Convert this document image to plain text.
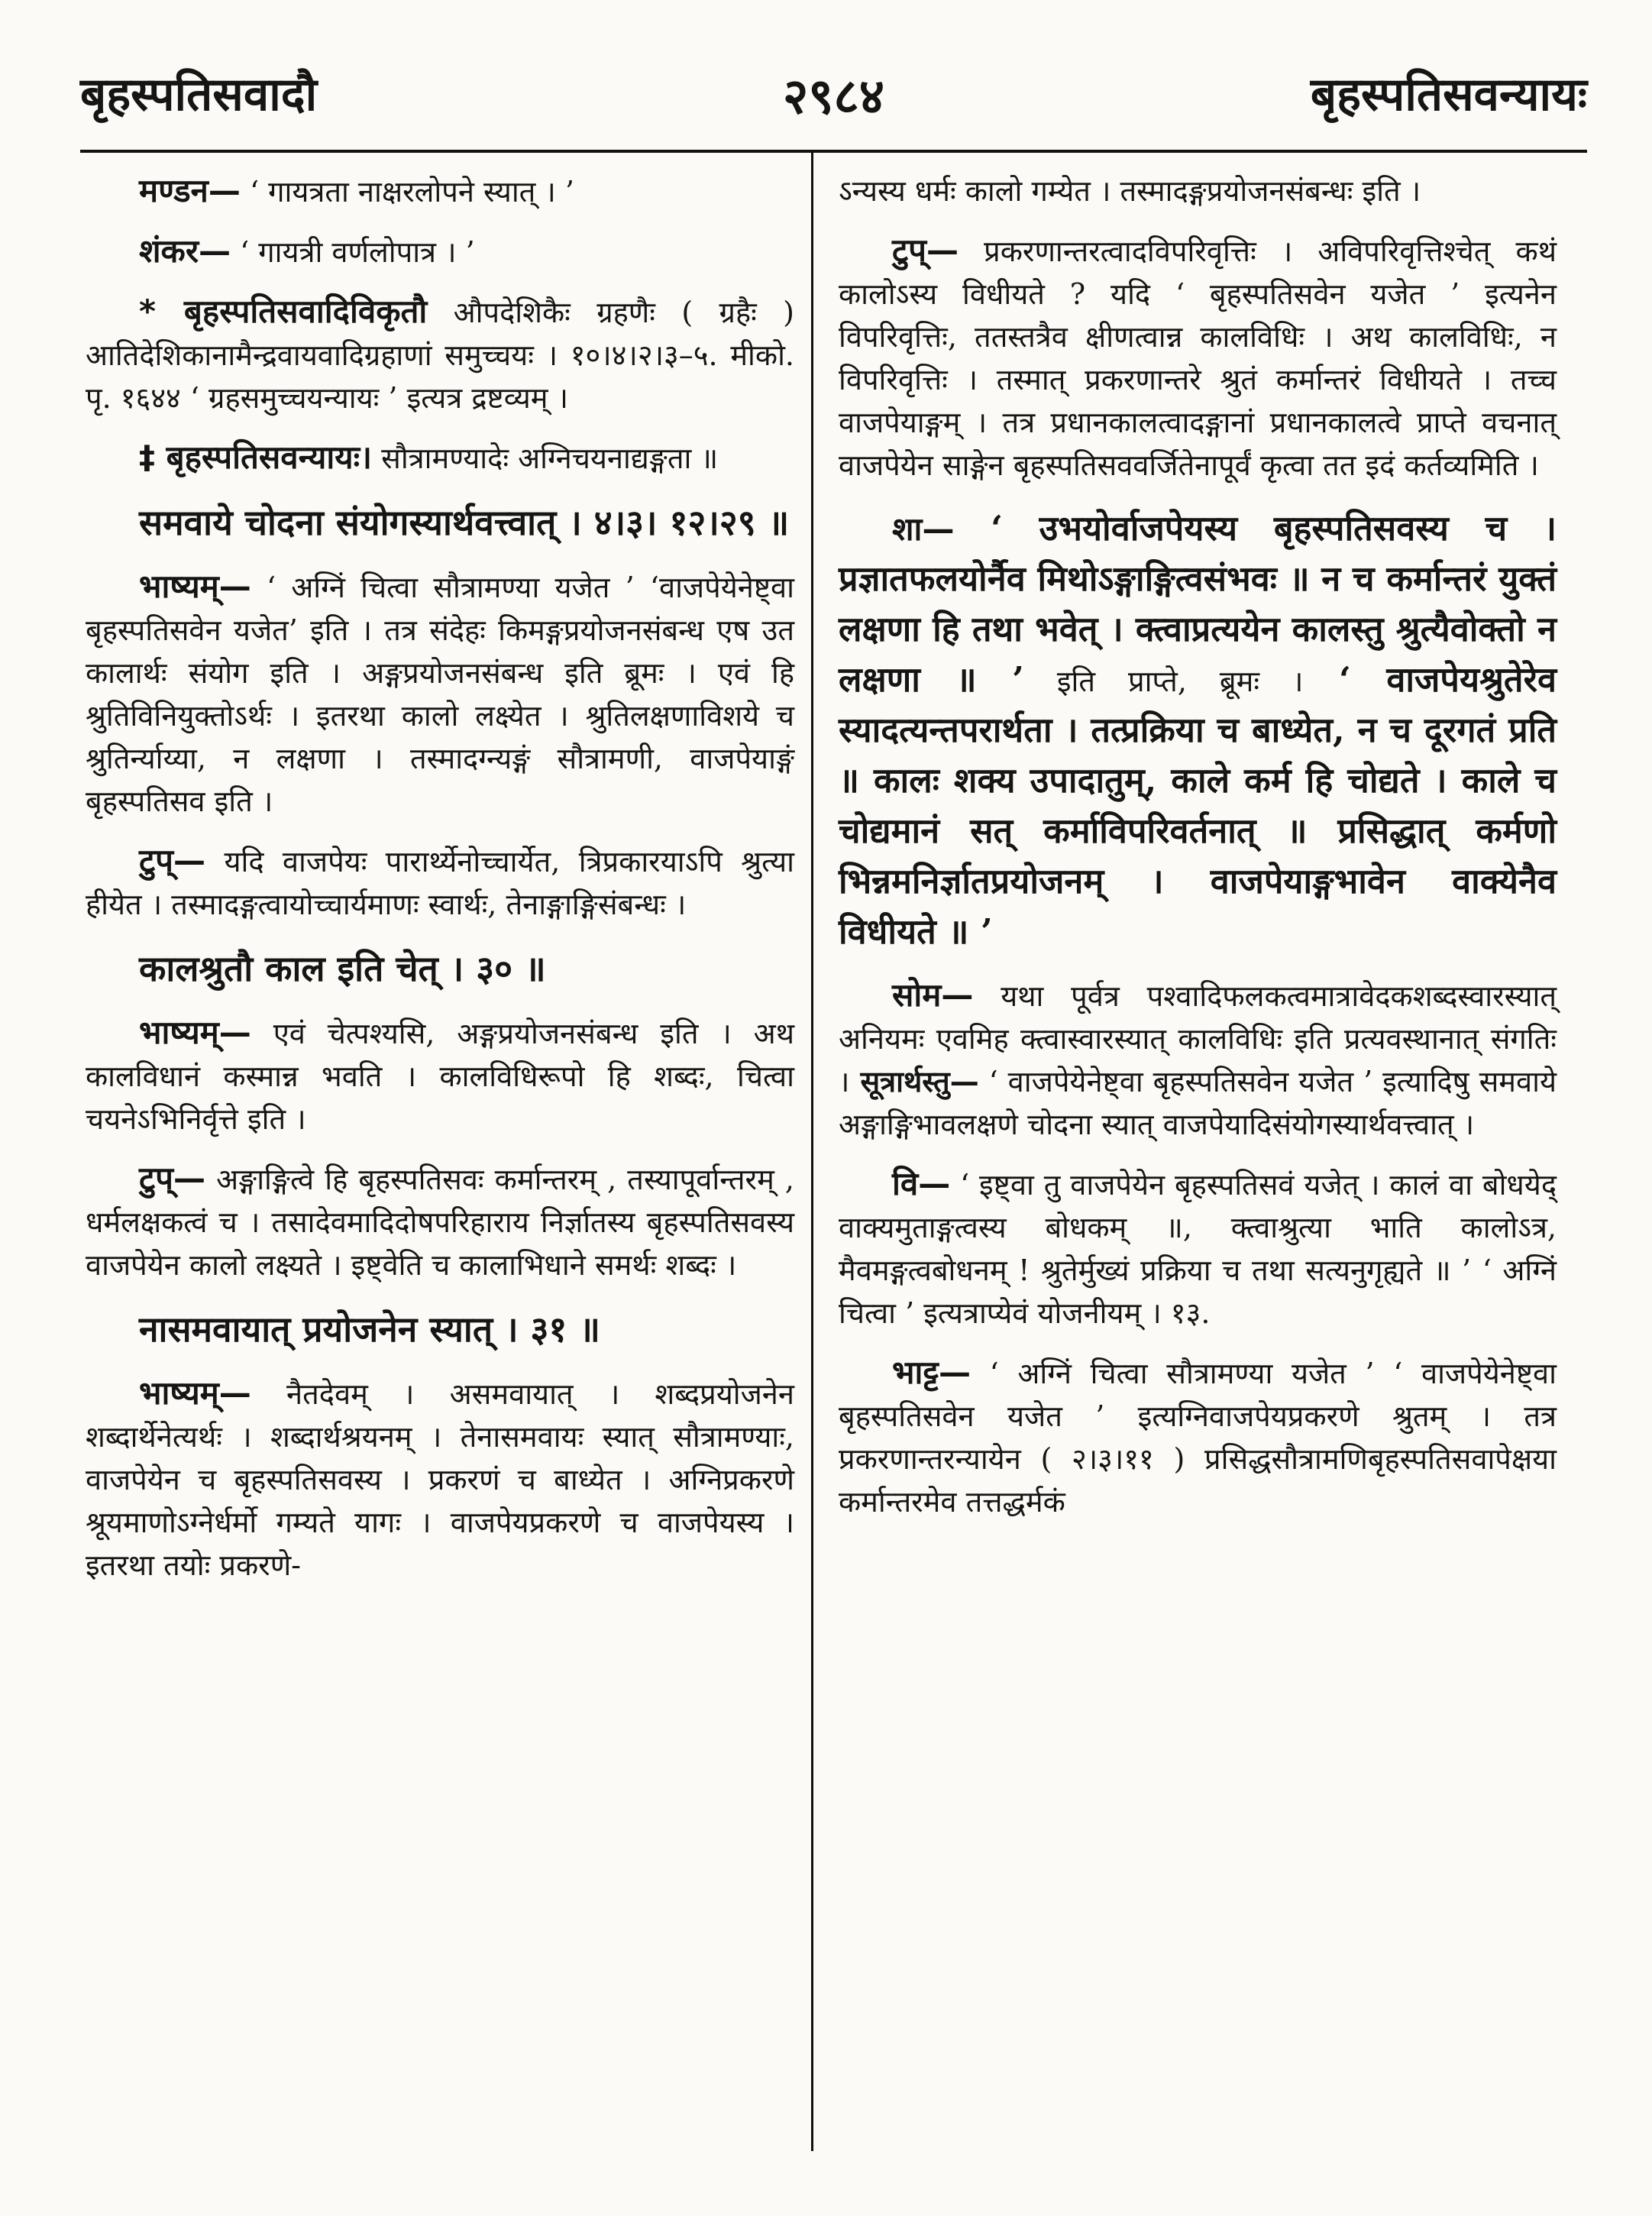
बृहस्पतिसवादौ	२९८४	बृहस्पतिसवन्यायः

मण्डन— ‘ गायत्रता नाक्षरलोपने स्यात् । ’

शंकर— ‘ गायत्री वर्णलोपात्र । ’

* बृहस्पतिसवादिविकृतौ औपदेशिकैः ग्रहणैः ( ग्रहैः ) आतिदेशिकानामैन्द्रवायवादिग्रहाणां समुच्चयः । १०।४।२।३–५. मीको. पृ. १६४४ ‘ ग्रहसमुच्चयन्यायः ’ इत्यत्र द्रष्टव्यम् ।

‡ बृहस्पतिसवन्यायः। सौत्रामण्यादेः अग्निचयनाद्यङ्गता ॥

समवाये चोदना संयोगस्यार्थवत्त्वात् । ४।३। १२।२९ ॥

भाष्यम्— ‘ अग्निं चित्वा सौत्रामण्या यजेत ’ ‘वाजपेयेनेष्ट्वा बृहस्पतिसवेन यजेत’ इति । तत्र संदेहः किमङ्गप्रयोजनसंबन्ध एष उत कालार्थः संयोग इति । अङ्गप्रयोजनसंबन्ध इति ब्रूमः । एवं हि श्रुतिविनियुक्तोऽर्थः । इतरथा कालो लक्ष्येत । श्रुतिलक्षणाविशये च श्रुतिर्न्याय्या, न लक्षणा । तस्मादग्न्यङ्गं सौत्रामणी, वाजपेयाङ्गं बृहस्पतिसव इति ।

टुप्— यदि वाजपेयः पारार्थ्येनोच्चार्येत, त्रिप्रकारयाऽपि श्रुत्या हीयेत । तस्मादङ्गत्वायोच्चार्यमाणः स्वार्थः, तेनाङ्गाङ्गिसंबन्धः ।

कालश्रुतौ काल इति चेत् । ३० ॥

भाष्यम्— एवं चेत्पश्यसि, अङ्गप्रयोजनसंबन्ध इति । अथ कालविधानं कस्मान्न भवति । कालविधिरूपो हि शब्दः, चित्वा चयनेऽभिनिर्वृत्ते इति ।

टुप्— अङ्गाङ्गित्वे हि बृहस्पतिसवः कर्मान्तरम् , तस्यापूर्वान्तरम् , धर्मलक्षकत्वं च । तसादेवमादिदोषपरिहाराय निर्ज्ञातस्य बृहस्पतिसवस्य वाजपेयेन कालो लक्ष्यते । इष्ट्वेति च कालाभिधाने समर्थः शब्दः ।

नासमवायात् प्रयोजनेन स्यात् । ३१ ॥

भाष्यम्— नैतदेवम् । असमवायात् । शब्दप्रयोजनेन शब्दार्थेनेत्यर्थः । शब्दार्थश्रयनम् । तेनासमवायः स्यात् सौत्रामण्याः, वाजपेयेन च बृहस्पतिसवस्य । प्रकरणं च बाध्येत । अग्निप्रकरणे श्रूयमाणोऽग्नेर्धर्मो गम्यते यागः । वाजपेयप्रकरणे च वाजपेयस्य । इतरथा तयोः प्रकरणे-

ऽन्यस्य धर्मः कालो गम्येत । तस्मादङ्गप्रयोजनसंबन्धः इति ।

टुप्— प्रकरणान्तरत्वादविपरिवृत्तिः । अविपरिवृत्तिश्चेत् कथं कालोऽस्य विधीयते ? यदि ‘ बृहस्पतिसवेन यजेत ’ इत्यनेन विपरिवृत्तिः, ततस्तत्रैव क्षीणत्वान्न कालविधिः । अथ कालविधिः, न विपरिवृत्तिः । तस्मात् प्रकरणान्तरे श्रुतं कर्मान्तरं विधीयते । तच्च वाजपेयाङ्गम् । तत्र प्रधानकालत्वादङ्गानां प्रधानकालत्वे प्राप्ते वचनात् वाजपेयेन साङ्गेन बृहस्पतिसववर्जितेनापूर्वं कृत्वा तत इदं कर्तव्यमिति ।

शा— ‘ उभयोर्वाजपेयस्य बृहस्पतिसवस्य च । प्रज्ञातफलयोर्नैव मिथोऽङ्गाङ्गित्वसंभवः ॥ न च कर्मान्तरं युक्तं लक्षणा हि तथा भवेत् । क्त्वाप्रत्ययेन कालस्तु श्रुत्यैवोक्तो न लक्षणा ॥ ’ इति प्राप्ते, ब्रूमः । ‘ वाजपेयश्रुतेरेव स्यादत्यन्तपरार्थता । तत्प्रक्रिया च बाध्येत, न च दूरगतं प्रति ॥ कालः शक्य उपादातुम्, काले कर्म हि चोद्यते । काले च चोद्यमानं सत् कर्माविपरिवर्तनात् ॥ प्रसिद्धात् कर्मणो भिन्नमनिर्ज्ञातप्रयोजनम् । वाजपेयाङ्गभावेन वाक्येनैव विधीयते ॥ ’

सोम— यथा पूर्वत्र पश्वादिफलकत्वमात्रावेदकशब्दस्वारस्यात् अनियमः एवमिह क्त्वास्वारस्यात् कालविधिः इति प्रत्यवस्थानात् संगतिः । सूत्रार्थस्तु— ‘ वाजपेयेनेष्ट्वा बृहस्पतिसवेन यजेत ’ इत्यादिषु समवाये अङ्गाङ्गिभावलक्षणे चोदना स्यात् वाजपेयादिसंयोगस्यार्थवत्त्वात् ।

वि— ‘ इष्ट्वा तु वाजपेयेन बृहस्पतिसवं यजेत् । कालं वा बोधयेद् वाक्यमुताङ्गत्वस्य बोधकम् ॥, क्त्वाश्रुत्या भाति कालोऽत्र, मैवमङ्गत्वबोधनम् ! श्रुतेर्मुख्यं प्रक्रिया च तथा सत्यनुगृह्यते ॥ ’ ‘ अग्निं चित्वा ’ इत्यत्राप्येवं योजनीयम् । १३.

भाट्ट— ‘ अग्निं चित्वा सौत्रामण्या यजेत ’ ‘ वाजपेयेनेष्ट्वा बृहस्पतिसवेन यजेत ’ इत्यग्निवाजपेयप्रकरणे श्रुतम् । तत्र प्रकरणान्तरन्यायेन ( २।३।११ ) प्रसिद्धसौत्रामणिबृहस्पतिसवापेक्षया कर्मान्तरमेव तत्तद्धर्मकं
